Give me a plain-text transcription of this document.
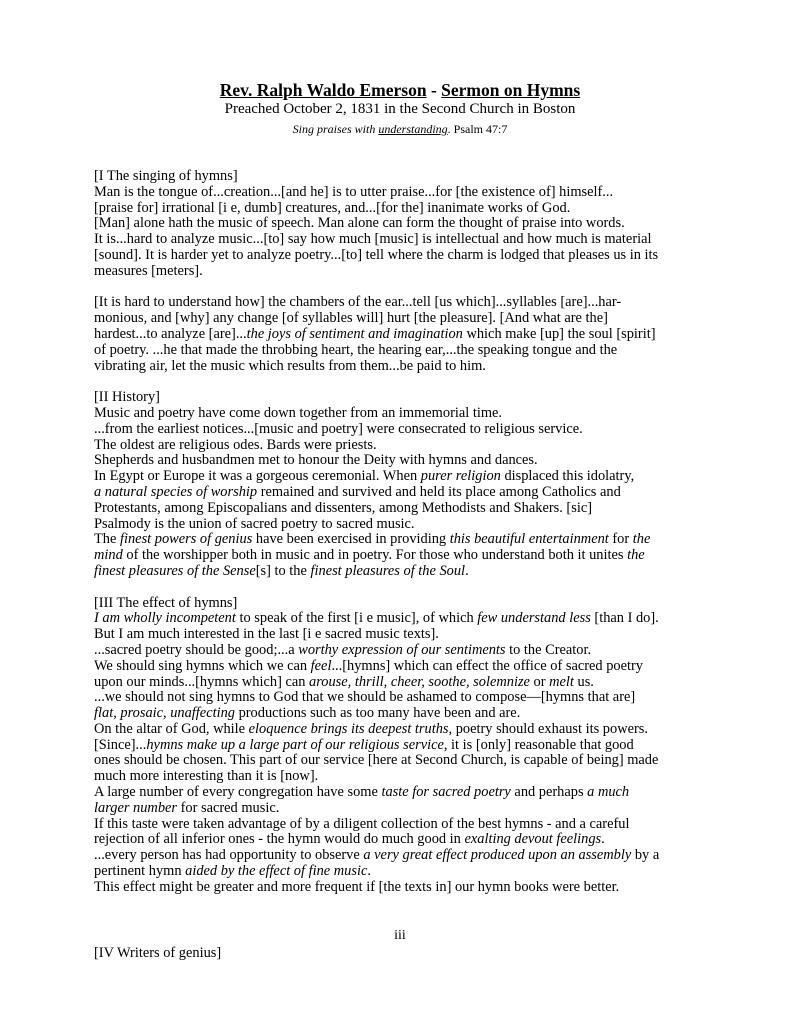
Rev. Ralph Waldo Emerson - Sermon on Hymns
Preached October 2, 1831 in the Second Church in Boston
Sing praises with understanding. Psalm 47:7

[I The singing of hymns]

Man is the tongue of...creation...[and he] is to utter praise...for [the existence of] himself...

[praise for] irrational [i e, dumb] creatures, and...[for the] inanimate works of God.

[Man] alone hath the music of speech. Man alone can form the thought of praise into words.

It is...hard to analyze music...[to] say how much [music] is intellectual and how much is material

[sound]. It is harder yet to analyze poetry...[to] tell where the charm is lodged that pleases us in its

measures [meters].

[It is hard to understand how] the chambers of the ear...tell [us which]...syllables [are]...har-

monious, and [why] any change [of syllables will] hurt [the pleasure]. [And what are the]

hardest...to analyze [are]...the joys of sentiment and imagination which make [up] the soul [spirit]

of poetry. ...he that made the throbbing heart, the hearing ear,...the speaking tongue and the

vibrating air, let the music which results from them...be paid to him.

[II History]

Music and poetry have come down together from an immemorial time.

...from the earliest notices...[music and poetry] were consecrated to religious service.

The oldest are religious odes. Bards were priests.

Shepherds and husbandmen met to honour the Deity with hymns and dances.

In Egypt or Europe it was a gorgeous ceremonial. When purer religion displaced this idolatry,

a natural species of worship remained and survived and held its place among Catholics and

Protestants, among Episcopalians and dissenters, among Methodists and Shakers. [sic]

Psalmody is the union of sacred poetry to sacred music.

The finest powers of genius have been exercised in providing this beautiful entertainment for the

mind of the worshipper both in music and in poetry. For those who understand both it unites the

finest pleasures of the Sense[s] to the finest pleasures of the Soul.

[III The effect of hymns]

I am wholly incompetent to speak of the first [i e music], of which few understand less [than I do].

But I am much interested in the last [i e sacred music texts].

...sacred poetry should be good;...a worthy expression of our sentiments to the Creator.

We should sing hymns which we can feel...[hymns] which can effect the office of sacred poetry

upon our minds...[hymns which] can arouse, thrill, cheer, soothe, solemnize or melt us.

...we should not sing hymns to God that we should be ashamed to compose—[hymns that are]

flat, prosaic, unaffecting productions such as too many have been and are.

On the altar of God, while eloquence brings its deepest truths, poetry should exhaust its powers.

[Since]...hymns make up a large part of our religious service, it is [only] reasonable that good

ones should be chosen. This part of our service [here at Second Church, is capable of being] made

much more interesting than it is [now].

A large number of every congregation have some taste for sacred poetry and perhaps a much

larger number for sacred music.

If this taste were taken advantage of by a diligent collection of the best hymns - and a careful

rejection of all inferior ones - the hymn would do much good in exalting devout feelings.

...every person has had opportunity to observe a very great effect produced upon an assembly by a

pertinent hymn aided by the effect of fine music.

This effect might be greater and more frequent if [the texts in] our hymn books were better.

iii
[IV Writers of genius]
